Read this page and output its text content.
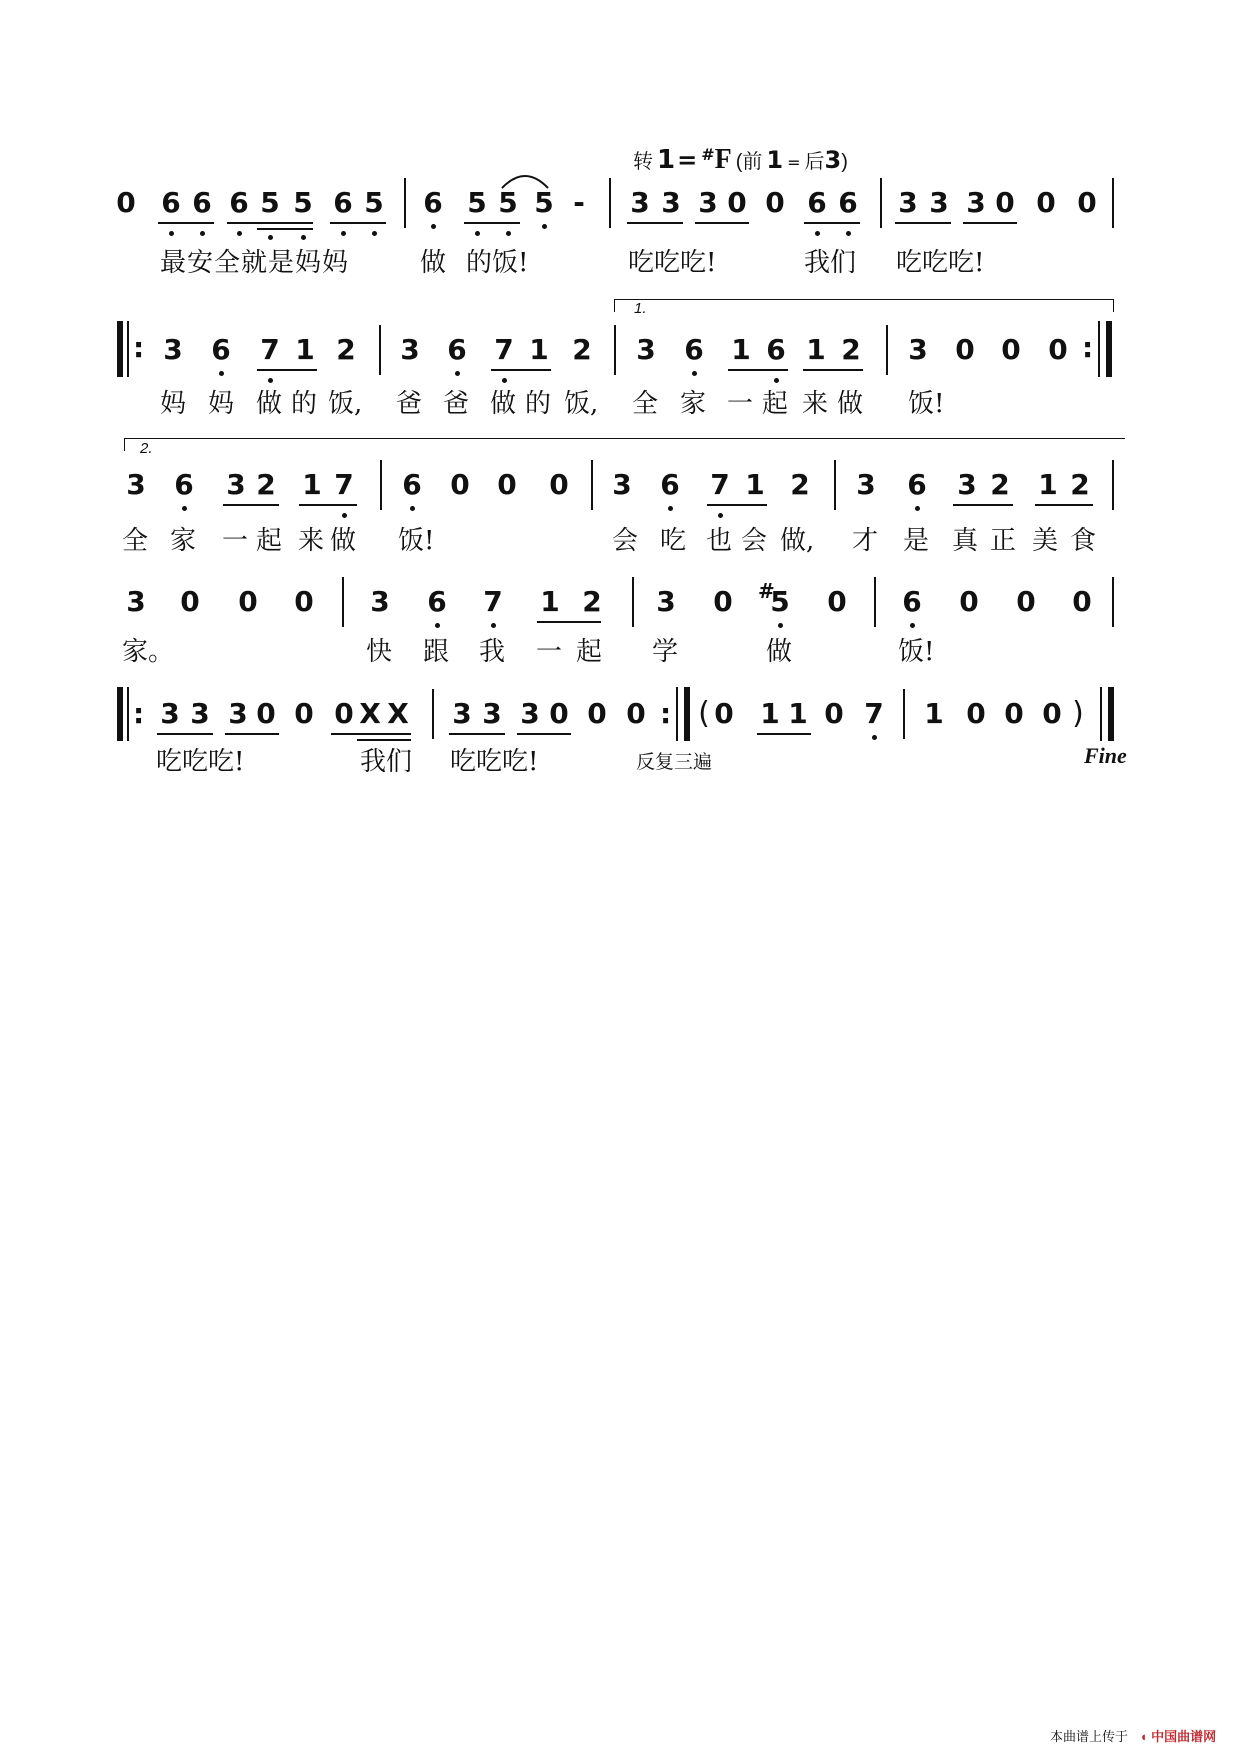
转 1= #F (前 1 = 后3)
0 6 6 6 5 5 6 5 6 5 5 5 - 3 3 3 0 0 6 6 3 3 3 0 0 0
最安全就是妈妈	做 的饭!	吃吃吃!	我们 吃吃吃!
1.
: 3 6 7 1 2 3 6 7 1 2 3 6 1 6 1 2 3 0 0 0 :
妈 妈 做 的 饭, 爸 爸 做 的 饭, 全 家 一 起 来 做 饭!
2.
3 6 3 2 1 7 6 0 0 0 3 6 7 1 2 3 6 3 2 1 2
全 家 一 起 来 做 饭!	会 吃 也 会 做, 才 是 真 正 美 食
3 0 0 0 3 6 7 1 2 3 0 #
5 0 6 0 0 0
家。	快 跟 我 一 起 学	做	饭!
: 3 3 3 0 0 0 X X 3 3 3 0 0 0 : ( 0 1 1 0 7 1 0 0 0 )
吃吃吃!	我们 吃吃吃!	反复三遍	Fine
本曲谱上传于 ◖ 中国曲谱网
